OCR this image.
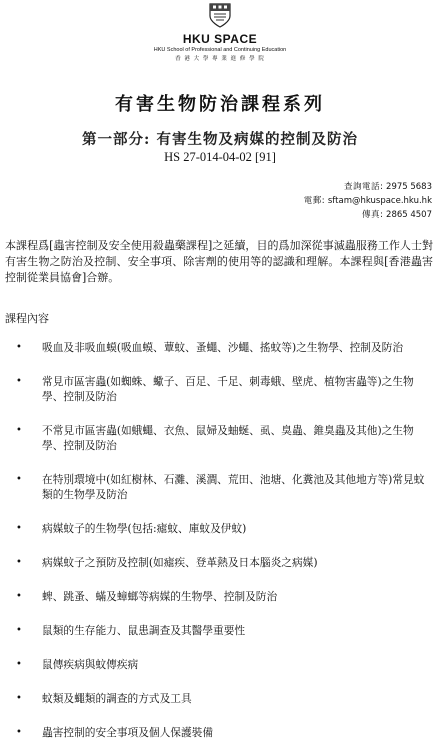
HKU SPACE
HKU School of Professional and Continuing Education
香 港 大 學 專 業 進 修 學 院
有害生物防治課程系列
第一部分: 有害生物及病媒的控制及防治
HS 27-014-04-02 [91]
查詢電話: 2975 5683
電郵: sftam@hkuspace.hku.hk
傳真: 2865 4507
本課程爲[蟲害控制及安全使用殺蟲藥課程]之延續，目的爲加深從事滅蟲服務工作人士對有害生物之防治及控制、安全事項、除害劑的使用等的認識和理解。本課程與[香港蟲害控制從業員協會]合辦。
課程內容
• 吸血及非吸血蟆(吸血蟆、蕈蚊、蚤蠅、沙蠅、搖蚊等)之生物學、控制及防治
• 常見市區害蟲(如蜘蛛、蠍子、百足、千足、刺毒蛾、壁虎、植物害蟲等)之生物學、控制及防治
• 不常見市區害蟲(如蛾蠅、衣魚、鼠婦及蚰蜒、虱、臭蟲、錐臭蟲及其他)之生物學、控制及防治
• 在特別環境中(如紅樹林、石灘、溪澗、荒田、池塘、化糞池及其他地方等)常見蚊類的生物學及防治
• 病媒蚊子的生物學(包括:瘧蚊、庫蚊及伊蚊)
• 病媒蚊子之預防及控制(如瘧疾、登革熱及日本腦炎之病媒)
• 蜱、跳蚤、蟎及蟑螂等病媒的生物學、控制及防治
• 鼠類的生存能力、鼠患調查及其醫學重要性
• 鼠傳疾病與蚊傳疾病
• 蚊類及蠅類的調查的方式及工具
• 蟲害控制的安全事項及個人保護裝備
